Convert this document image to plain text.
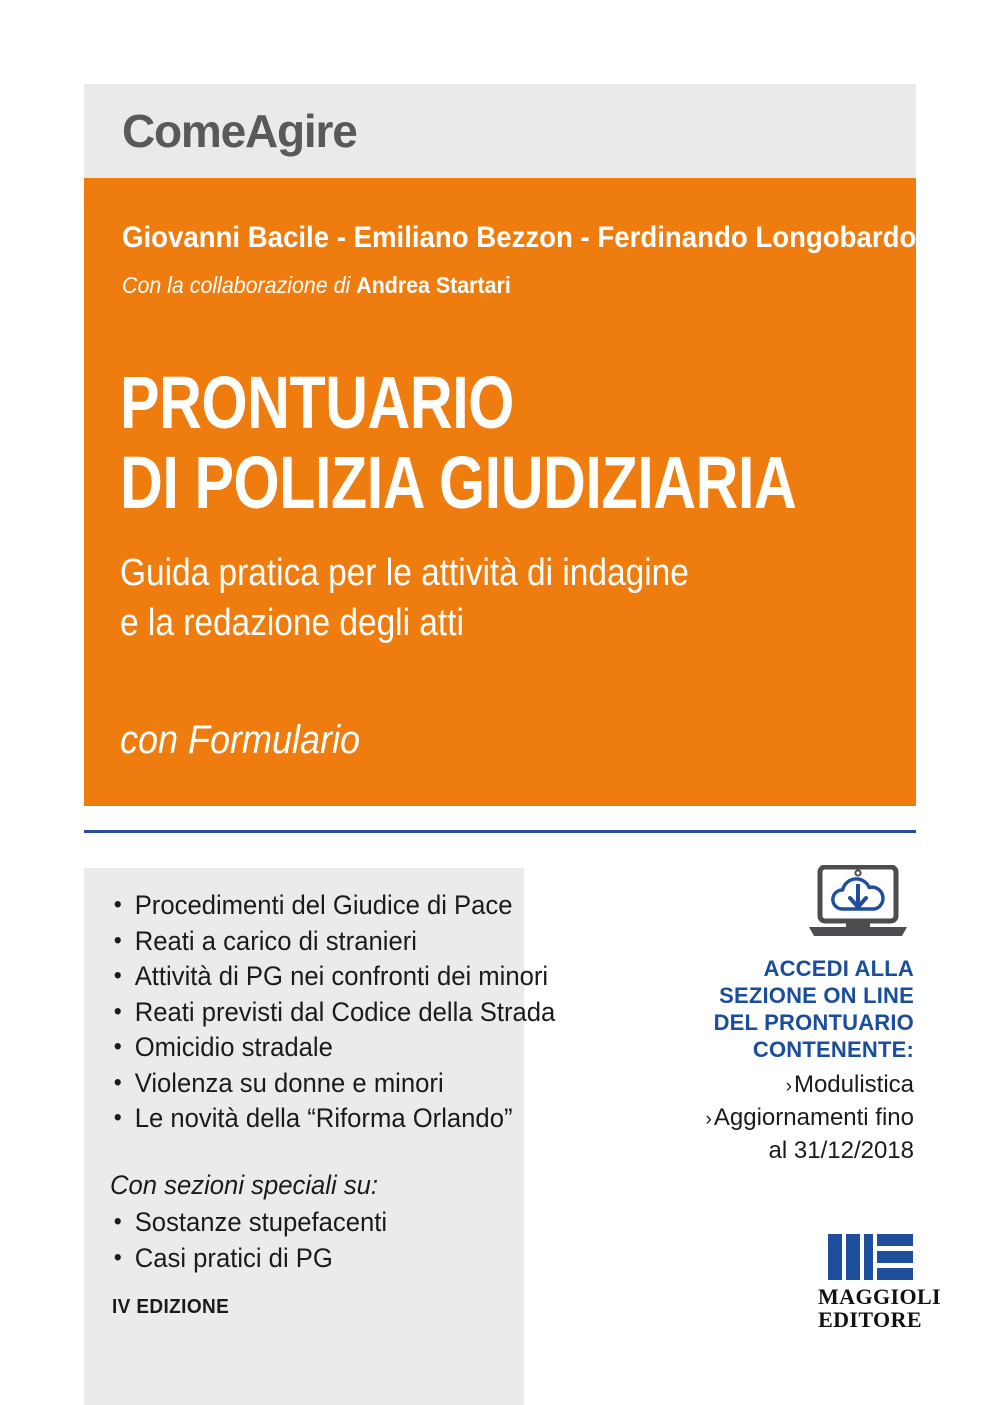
ComeAgire
Giovanni Bacile - Emiliano Bezzon - Ferdinando Longobardo
Con la collaborazione di Andrea Startari
PRONTUARIO
DI POLIZIA GIUDIZIARIA
Guida pratica per le attività di indagine
e la redazione degli atti
con Formulario
• Procedimenti del Giudice di Pace
• Reati a carico di stranieri
• Attività di PG nei confronti dei minori
• Reati previsti dal Codice della Strada
• Omicidio stradale
• Violenza su donne e minori
• Le novità della “Riforma Orlando”
Con sezioni speciali su:
• Sostanze stupefacenti
• Casi pratici di PG
IV EDIZIONE
ACCEDI ALLA
SEZIONE ON LINE
DEL PRONTUARIO
CONTENENTE:
›Modulistica
›Aggiornamenti fino al 31/12/2018
MAGGIOLI
EDITORE
